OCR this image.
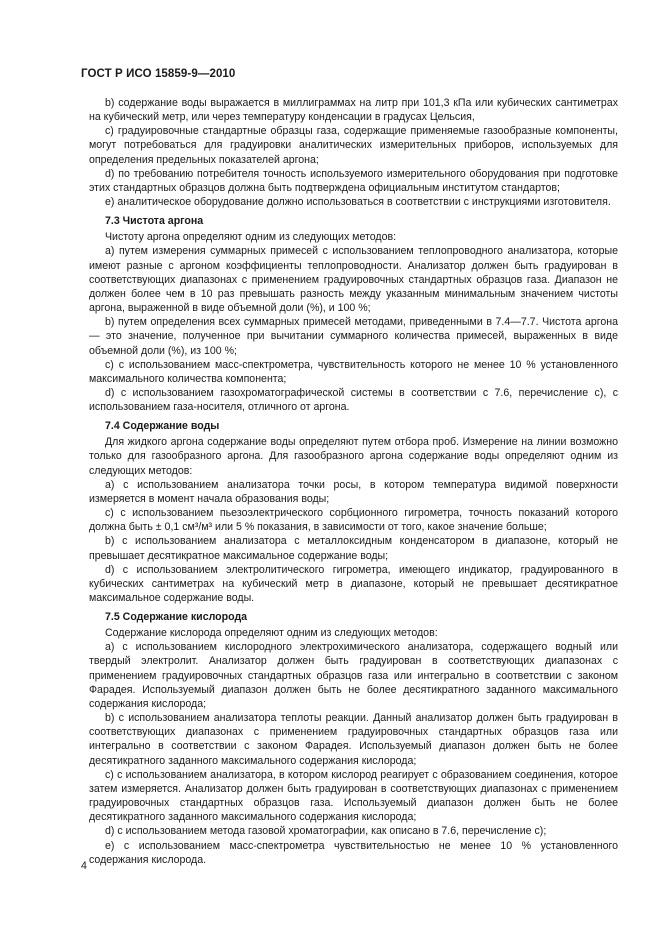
ГОСТ Р ИСО 15859-9—2010

b) содержание воды выражается в миллиграммах на литр при 101,3 кПа или кубических сантиметрах на кубический метр, или через температуру конденсации в градусах Цельсия,

c) градуировочные стандартные образцы газа, содержащие применяемые газообразные компоненты, могут потребоваться для градуировки аналитических измерительных приборов, используемых для определения предельных показателей аргона;

d) по требованию потребителя точность используемого измерительного оборудования при подготовке этих стандартных образцов должна быть подтверждена официальным институтом стандартов;

e) аналитическое оборудование должно использоваться в соответствии с инструкциями изготовителя.

7.3 Чистота аргона

Чистоту аргона определяют одним из следующих методов:

a) путем измерения суммарных примесей с использованием теплопроводного анализатора, которые имеют разные с аргоном коэффициенты теплопроводности. Анализатор должен быть градуирован в соответствующих диапазонах с применением градуировочных стандартных образцов газа. Диапазон не должен более чем в 10 раз превышать разность между указанным минимальным значением чистоты аргона, выраженной в виде объемной доли (%), и 100 %;

b) путем определения всех суммарных примесей методами, приведенными в 7.4—7.7. Чистота аргона — это значение, полученное при вычитании суммарного количества примесей, выраженных в виде объемной доли (%), из 100 %;

c) с использованием масс-спектрометра, чувствительность которого не менее 10 % установленного максимального количества компонента;

d) с использованием газохроматографической системы в соответствии с 7.6, перечисление с), с использованием газа-носителя, отличного от аргона.

7.4 Содержание воды

Для жидкого аргона содержание воды определяют путем отбора проб. Измерение на линии возможно только для газообразного аргона. Для газообразного аргона содержание воды определяют одним из следующих методов:

a) с использованием анализатора точки росы, в котором температура видимой поверхности измеряется в момент начала образования воды;

c) с использованием пьезоэлектрического сорбционного гигрометра, точность показаний которого должна быть ± 0,1 см³/м³ или 5 % показания, в зависимости от того, какое значение больше;

b) с использованием анализатора с металлоксидным конденсатором в диапазоне, который не превышает десятикратное максимальное содержание воды;

d) с использованием электролитического гигрометра, имеющего индикатор, градуированного в кубических сантиметрах на кубический метр в диапазоне, который не превышает десятикратное максимальное содержание воды.

7.5 Содержание кислорода

Содержание кислорода определяют одним из следующих методов:

a) с использованием кислородного электрохимического анализатора, содержащего водный или твердый электролит. Анализатор должен быть градуирован в соответствующих диапазонах с применением градуировочных стандартных образцов газа или интегрально в соответствии с законом Фарадея. Используемый диапазон должен быть не более десятикратного заданного максимального содержания кислорода;

b) с использованием анализатора теплоты реакции. Данный анализатор должен быть градуирован в соответствующих диапазонах с применением градуировочных стандартных образцов газа или интегрально в соответствии с законом Фарадея. Используемый диапазон должен быть не более десятикратного заданного максимального содержания кислорода;

c) с использованием анализатора, в котором кислород реагирует с образованием соединения, которое затем измеряется. Анализатор должен быть градуирован в соответствующих диапазонах с применением градуировочных стандартных образцов газа. Используемый диапазон должен быть не более десятикратного заданного максимального содержания кислорода;

d) с использованием метода газовой хроматографии, как описано в 7.6, перечисление с);

e) с использованием масс-спектрометра чувствительностью не менее 10 % установленного содержания кислорода.

4
